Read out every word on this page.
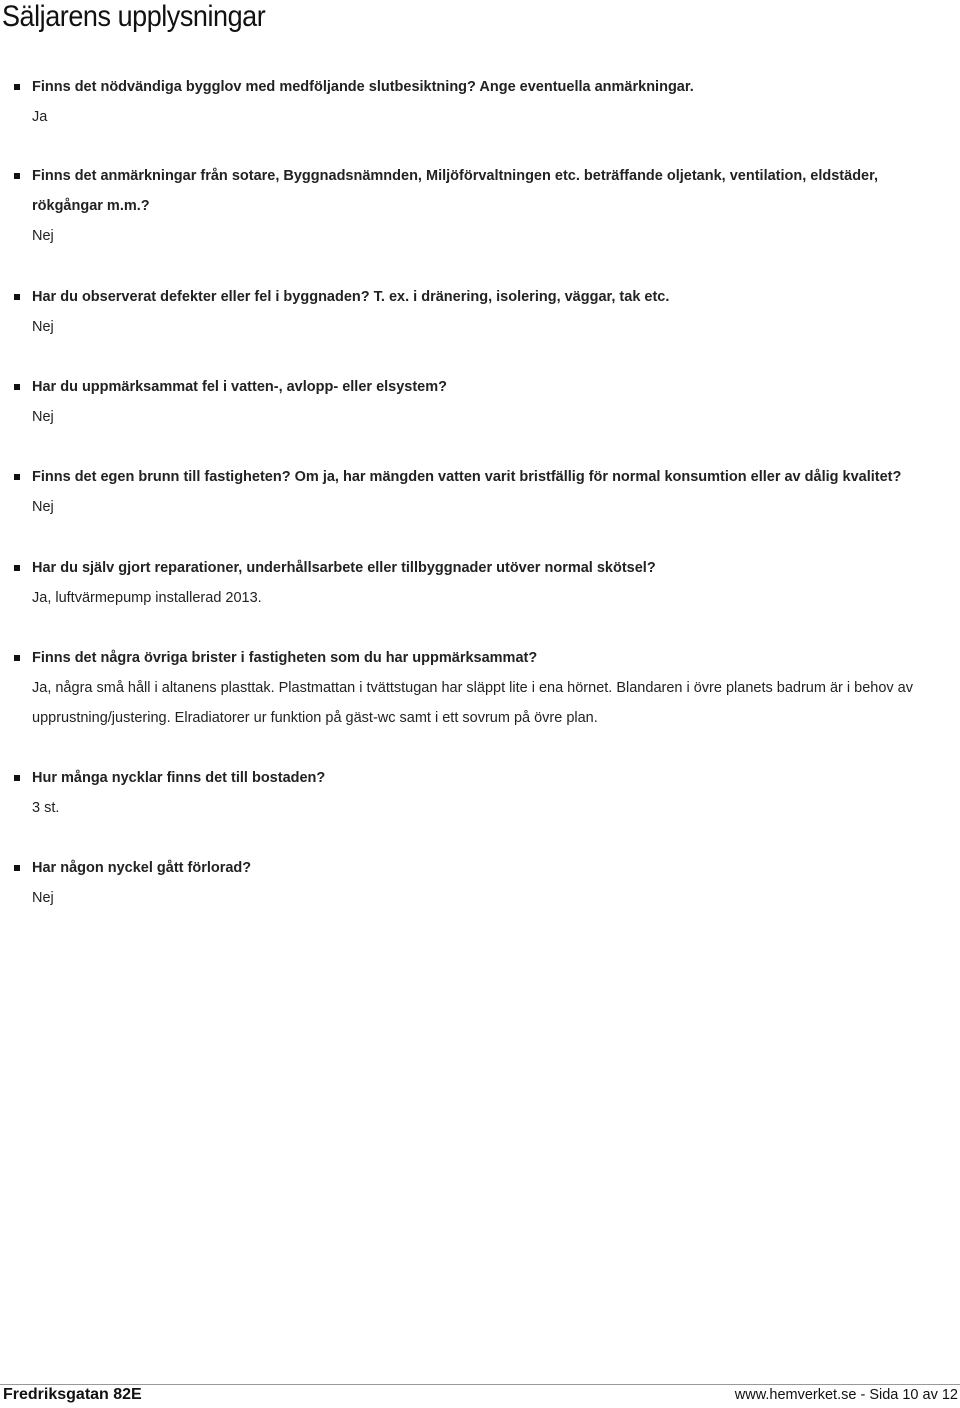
Säljarens upplysningar

Finns det nödvändiga bygglov med medföljande slutbesiktning? Ange eventuella anmärkningar.

Ja

Finns det anmärkningar från sotare, Byggnadsnämnden, Miljöförvaltningen etc. beträffande oljetank, ventilation, eldstäder, rökgångar m.m.?

Nej

Har du observerat defekter eller fel i byggnaden? T. ex. i dränering, isolering, väggar, tak etc.

Nej

Har du uppmärksammat fel i vatten-, avlopp- eller elsystem?

Nej

Finns det egen brunn till fastigheten? Om ja, har mängden vatten varit bristfällig för normal konsumtion eller av dålig kvalitet?

Nej

Har du själv gjort reparationer, underhållsarbete eller tillbyggnader utöver normal skötsel?

Ja, luftvärmepump installerad 2013.

Finns det några övriga brister i fastigheten som du har uppmärksammat?

Ja, några små håll i altanens plasttak. Plastmattan i tvättstugan har släppt lite i ena hörnet. Blandaren i övre planets badrum är i behov av upprustning/justering. Elradiatorer ur funktion på gäst-wc samt i ett sovrum på övre plan.

Hur många nycklar finns det till bostaden?

3 st.

Har någon nyckel gått förlorad?

Nej

Fredriksgatan 82E	www.hemverket.se - Sida 10 av 12
